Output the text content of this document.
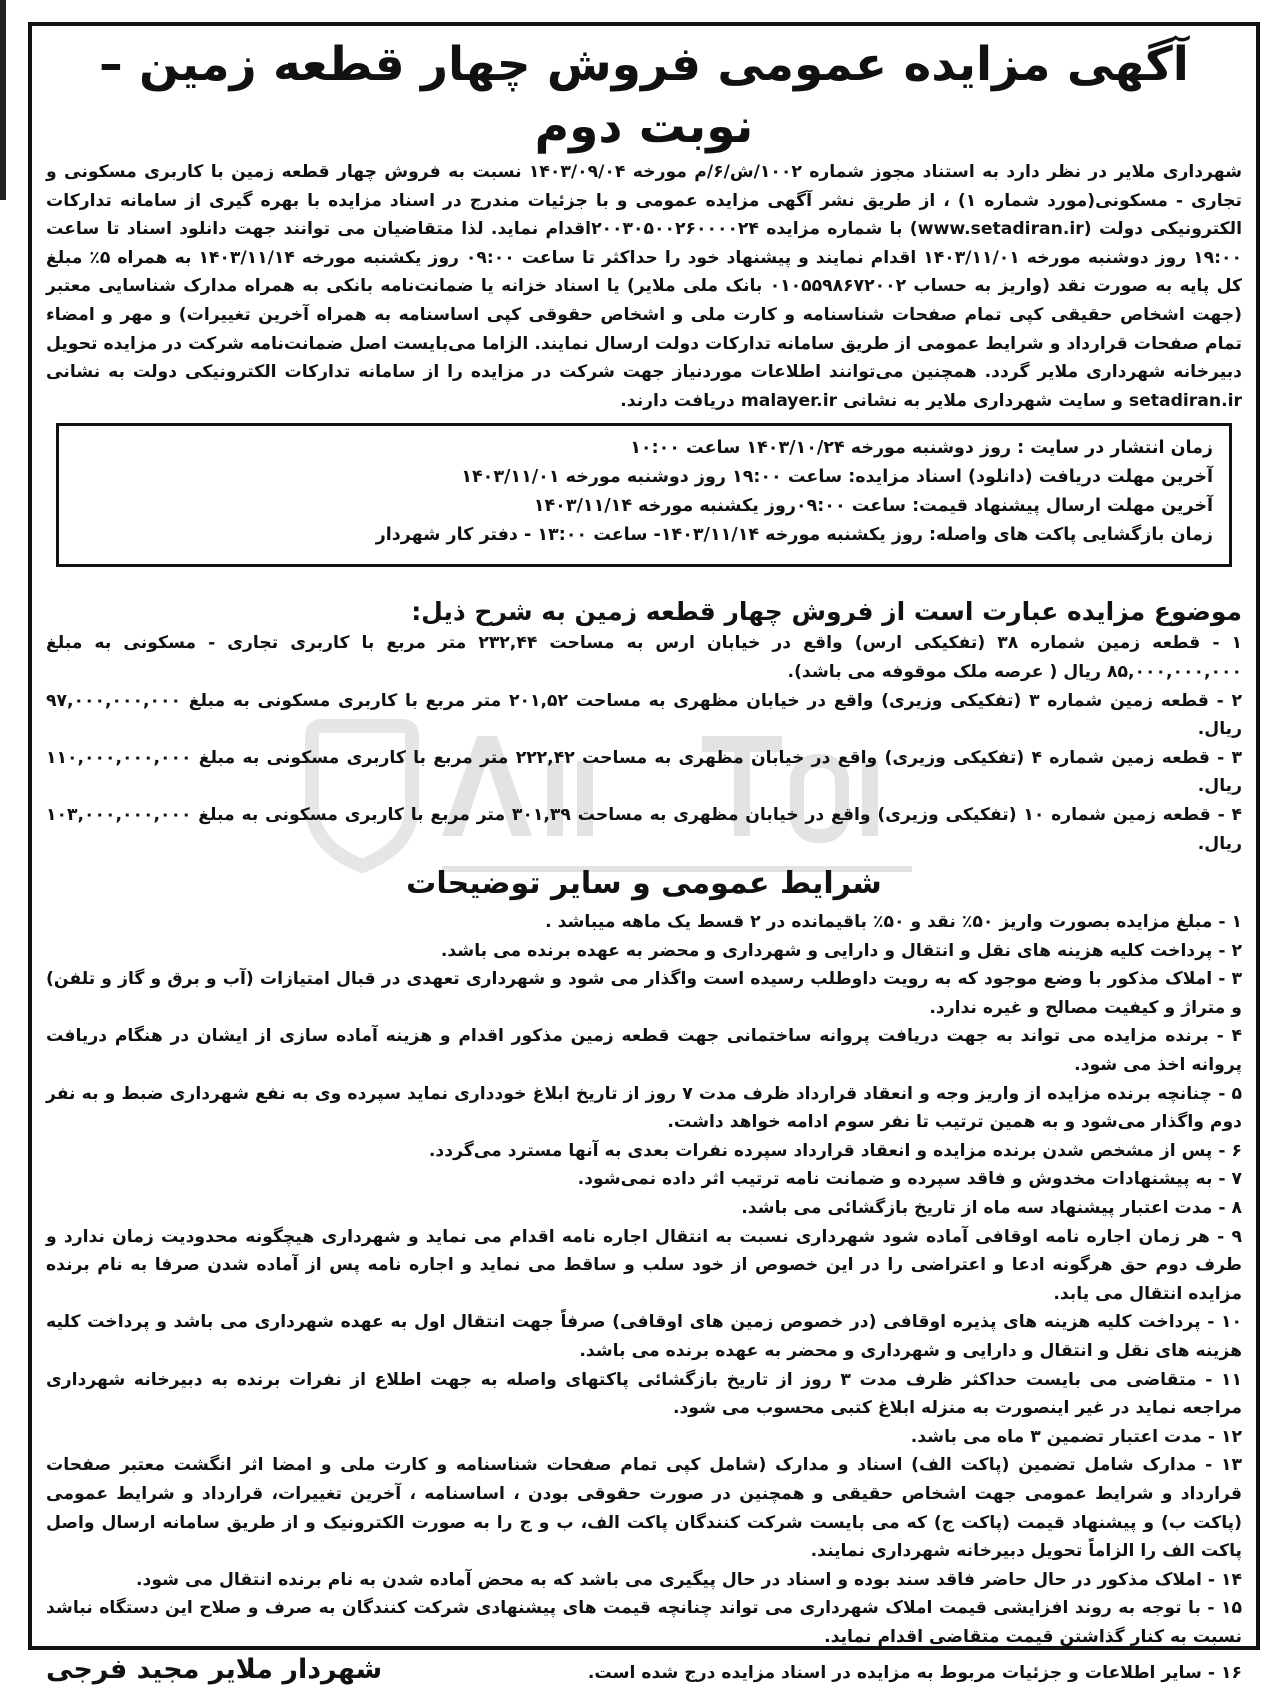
آگهی مزایده عمومی فروش چهار قطعه زمین – نوبت دوم

شهرداری ملایر در نظر دارد به استناد مجوز شماره ۱۰۰۲/ش/۶/م مورخه ۱۴۰۳/۰۹/۰۴ نسبت به فروش چهار قطعه زمین با کاربری مسکونی و تجاری - مسکونی(مورد شماره ۱) ، از طریق نشر آگهی مزایده عمومی و با جزئیات مندرج در اسناد مزایده با بهره گیری از سامانه تدارکات الکترونیکی دولت (www.setadiran.ir) با شماره مزایده ۲۰۰۳۰۵۰۰۲۶۰۰۰۰۲۴اقدام نماید. لذا متقاضیان می توانند جهت دانلود اسناد تا ساعت ۱۹:۰۰ روز دوشنبه مورخه ۱۴۰۳/۱۱/۰۱ اقدام نمایند و پیشنهاد خود را حداکثر تا ساعت ۰۹:۰۰ روز یکشنبه مورخه ۱۴۰۳/۱۱/۱۴ به همراه ۵٪ مبلغ کل پایه به صورت نقد (واریز به حساب ۰۱۰۵۵۹۸۶۷۲۰۰۲ بانک ملی ملایر) یا اسناد خزانه یا ضمانت‌نامه بانکی به همراه مدارک شناسایی معتبر (جهت اشخاص حقیقی کپی تمام صفحات شناسنامه و کارت ملی و اشخاص حقوقی کپی اساسنامه به همراه آخرین تغییرات) و مهر و امضاء تمام صفحات قرارداد و شرایط عمومی از طریق سامانه تدارکات دولت ارسال نمایند. الزاما می‌بایست اصل ضمانت‌نامه شرکت در مزایده تحویل دبیرخانه شهرداری ملایر گردد. همچنین می‌توانند اطلاعات موردنیاز جهت شرکت در مزایده را از سامانه تدارکات الکترونیکی دولت به نشانی setadiran.ir و سایت شهرداری ملایر به نشانی malayer.ir دریافت دارند.

زمان انتشار در سایت : روز دوشنبه مورخه ۱۴۰۳/۱۰/۲۴ ساعت ۱۰:۰۰

آخرین مهلت دریافت (دانلود) اسناد مزایده: ساعت ۱۹:۰۰ روز دوشنبه مورخه ۱۴۰۳/۱۱/۰۱

آخرین مهلت ارسال پیشنهاد قیمت: ساعت ۰۹:۰۰روز یکشنبه مورخه ۱۴۰۳/۱۱/۱۴

زمان بازگشایی پاکت های واصله: روز یکشنبه مورخه ۱۴۰۳/۱۱/۱۴- ساعت ۱۳:۰۰ - دفتر کار شهردار

موضوع مزایده عبارت است از فروش چهار قطعه زمین به شرح ذیل:

۱ - قطعه زمین شماره ۳۸ (تفکیکی ارس) واقع در خیابان ارس به مساحت ۲۳۲,۴۴ متر مربع با کاربری تجاری - مسکونی به مبلغ ۸۵,۰۰۰,۰۰۰,۰۰۰ ریال ( عرصه ملک موقوفه می باشد).

۲ - قطعه زمین شماره ۳ (تفکیکی وزیری) واقع در خیابان مظهری به مساحت ۲۰۱,۵۲ متر مربع با کاربری مسکونی به مبلغ ۹۷,۰۰۰,۰۰۰,۰۰۰ ریال.

۳ - قطعه زمین شماره ۴ (تفکیکی وزیری) واقع در خیابان مظهری به مساحت ۲۲۲,۴۲ متر مربع با کاربری مسکونی به مبلغ ۱۱۰,۰۰۰,۰۰۰,۰۰۰ ریال.

۴ - قطعه زمین شماره ۱۰ (تفکیکی وزیری) واقع در خیابان مظهری به مساحت ۳۰۱,۳۹ متر مربع با کاربری مسکونی به مبلغ ۱۰۳,۰۰۰,۰۰۰,۰۰۰ ریال.

شرایط عمومی و سایر توضیحات

۱ - مبلغ مزایده بصورت واریز ۵۰٪ نقد و ۵۰٪ باقیمانده در ۲ قسط یک ماهه میباشد .

۲ - پرداخت کلیه هزینه های نقل و انتقال و دارایی و شهرداری و محضر به عهده برنده می باشد.

۳ - املاک مذکور با وضع موجود که به رویت داوطلب رسیده است واگذار می شود و شهرداری تعهدی در قبال امتیازات (آب و برق و گاز و تلفن) و متراژ و کیفیت مصالح و غیره ندارد.

۴ - برنده مزایده می تواند به جهت دریافت پروانه ساختمانی جهت قطعه زمین مذکور اقدام و هزینه آماده سازی از ایشان در هنگام دریافت پروانه اخذ می شود.

۵ - چنانچه برنده مزایده از واریز وجه و انعقاد قرارداد ظرف مدت ۷ روز از تاریخ ابلاغ خودداری نماید سپرده وی به نفع شهرداری ضبط و به نفر دوم واگذار می‌شود و به همین ترتیب تا نفر سوم ادامه خواهد داشت.

۶ - پس از مشخص شدن برنده مزایده و انعقاد قرارداد سپرده نفرات بعدی به آنها مسترد می‌گردد.

۷ - به پیشنهادات مخدوش و فاقد سپرده و ضمانت نامه ترتیب اثر داده نمی‌شود.

۸ - مدت اعتبار پیشنهاد سه ماه از تاریخ بازگشائی می باشد.

۹ - هر زمان اجاره نامه اوقافی آماده شود شهرداری نسبت به انتقال اجاره نامه اقدام می نماید و شهرداری هیچگونه محدودیت زمان ندارد و طرف دوم حق هرگونه ادعا و اعتراضی را در این خصوص از خود سلب و ساقط می نماید و اجاره نامه پس از آماده شدن صرفا به نام برنده مزایده انتقال می یابد.

۱۰ - پرداخت کلیه هزینه های پذیره اوقافی (در خصوص زمین های اوقافی) صرفاً جهت انتقال اول به عهده شهرداری می باشد و پرداخت کلیه هزینه های نقل و انتقال و دارایی و شهرداری و محضر به عهده برنده می باشد.

۱۱ - متقاضی می بایست حداکثر ظرف مدت ۳ روز از تاریخ بازگشائی پاکتهای واصله به جهت اطلاع از نفرات برنده به دبیرخانه شهرداری مراجعه نماید در غیر اینصورت به منزله ابلاغ کتبی محسوب می شود.

۱۲ - مدت اعتبار تضمین ۳ ماه می باشد.

۱۳ - مدارک شامل تضمین (پاکت الف) اسناد و مدارک (شامل کپی تمام صفحات شناسنامه و کارت ملی و امضا اثر انگشت معتبر صفحات قرارداد و شرایط عمومی جهت اشخاص حقیقی و همچنین در صورت حقوقی بودن ، اساسنامه ، آخرین تغییرات، قرارداد و شرایط عمومی (پاکت ب) و پیشنهاد قیمت (پاکت ج) که می بایست شرکت کنندگان پاکت الف، ب و ج را به صورت الکترونیک و از طریق سامانه ارسال واصل پاکت الف را الزاماً تحویل دبیرخانه شهرداری نمایند.

۱۴ - املاک مذکور در حال حاضر فاقد سند بوده و اسناد در حال پیگیری می باشد که به محض آماده شدن به نام برنده انتقال می شود.

۱۵ - با توجه به روند افزایشی قیمت املاک شهرداری می تواند چنانچه قیمت های پیشنهادی شرکت کنندگان به صرف و صلاح این دستگاه نباشد نسبت به کنار گذاشتن قیمت متقاضی اقدام نماید.

۱۶ - سایر اطلاعات و جزئیات مربوط به مزایده در اسناد مزایده درج شده است.

شهردار ملایر مجید فرجی
